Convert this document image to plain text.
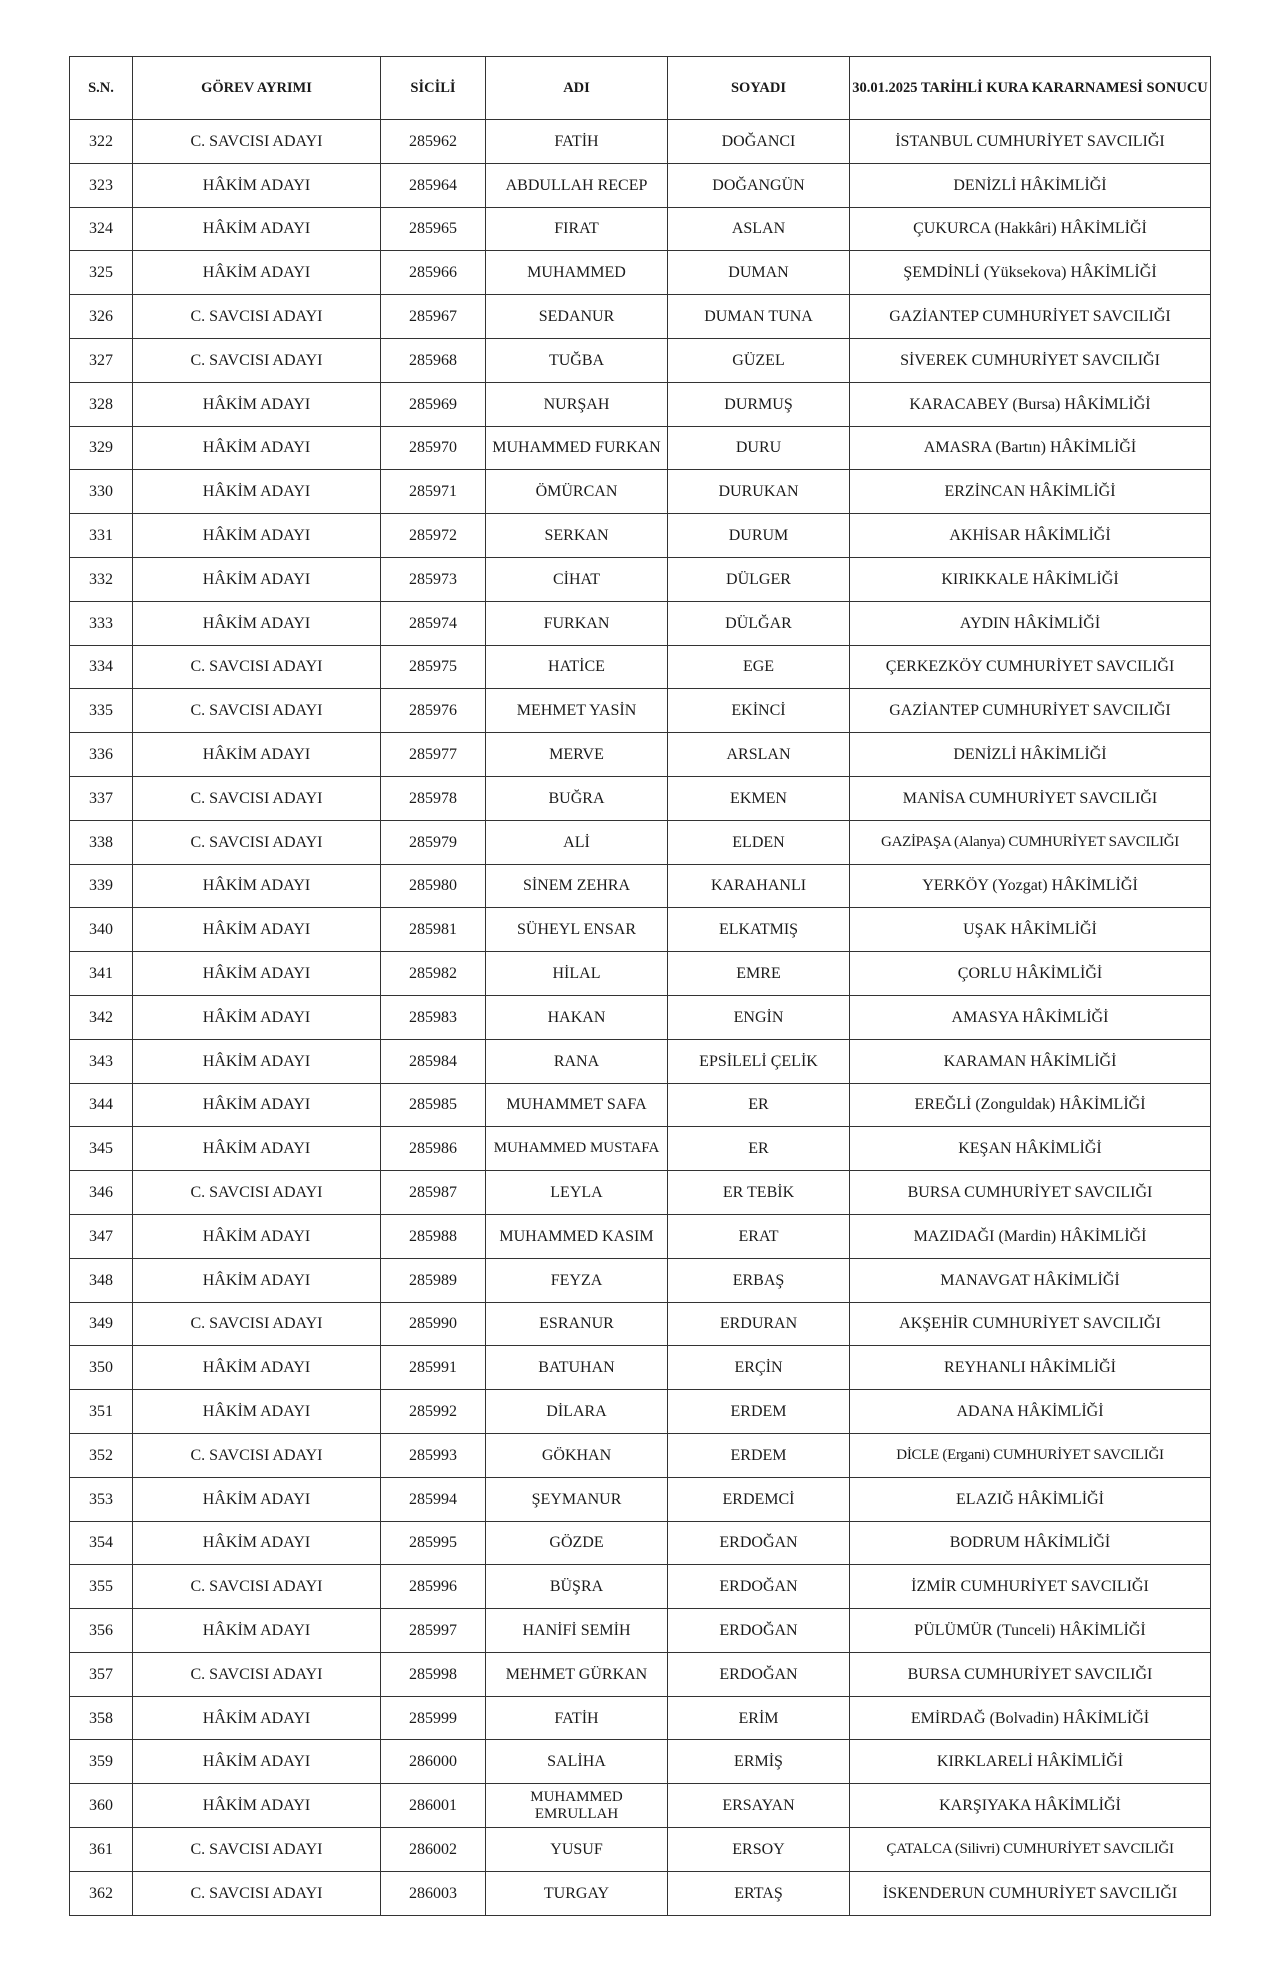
S.N.	GÖREV AYRIMI	SİCİLİ	ADI	SOYADI	30.01.2025 TARİHLİ KURA KARARNAMESİ SONUCU
322	C. SAVCISI ADAYI	285962	FATİH	DOĞANCI	İSTANBUL CUMHURİYET SAVCILIĞI
323	HÂKİM ADAYI	285964	ABDULLAH RECEP	DOĞANGÜN	DENİZLİ HÂKİMLİĞİ
324	HÂKİM ADAYI	285965	FIRAT	ASLAN	ÇUKURCA (Hakkâri) HÂKİMLİĞİ
325	HÂKİM ADAYI	285966	MUHAMMED	DUMAN	ŞEMDİNLİ (Yüksekova) HÂKİMLİĞİ
326	C. SAVCISI ADAYI	285967	SEDANUR	DUMAN TUNA	GAZİANTEP CUMHURİYET SAVCILIĞI
327	C. SAVCISI ADAYI	285968	TUĞBA	GÜZEL	SİVEREK CUMHURİYET SAVCILIĞI
328	HÂKİM ADAYI	285969	NURŞAH	DURMUŞ	KARACABEY (Bursa) HÂKİMLİĞİ
329	HÂKİM ADAYI	285970	MUHAMMED FURKAN	DURU	AMASRA (Bartın) HÂKİMLİĞİ
330	HÂKİM ADAYI	285971	ÖMÜRCAN	DURUKAN	ERZİNCAN HÂKİMLİĞİ
331	HÂKİM ADAYI	285972	SERKAN	DURUM	AKHİSAR HÂKİMLİĞİ
332	HÂKİM ADAYI	285973	CİHAT	DÜLGER	KIRIKKALE HÂKİMLİĞİ
333	HÂKİM ADAYI	285974	FURKAN	DÜLĞAR	AYDIN HÂKİMLİĞİ
334	C. SAVCISI ADAYI	285975	HATİCE	EGE	ÇERKEZKÖY CUMHURİYET SAVCILIĞI
335	C. SAVCISI ADAYI	285976	MEHMET YASİN	EKİNCİ	GAZİANTEP CUMHURİYET SAVCILIĞI
336	HÂKİM ADAYI	285977	MERVE	ARSLAN	DENİZLİ HÂKİMLİĞİ
337	C. SAVCISI ADAYI	285978	BUĞRA	EKMEN	MANİSA CUMHURİYET SAVCILIĞI
338	C. SAVCISI ADAYI	285979	ALİ	ELDEN	GAZİPAŞA (Alanya) CUMHURİYET SAVCILIĞI
339	HÂKİM ADAYI	285980	SİNEM ZEHRA	KARAHANLI	YERKÖY (Yozgat) HÂKİMLİĞİ
340	HÂKİM ADAYI	285981	SÜHEYL ENSAR	ELKATMIŞ	UŞAK HÂKİMLİĞİ
341	HÂKİM ADAYI	285982	HİLAL	EMRE	ÇORLU HÂKİMLİĞİ
342	HÂKİM ADAYI	285983	HAKAN	ENGİN	AMASYA HÂKİMLİĞİ
343	HÂKİM ADAYI	285984	RANA	EPSİLELİ ÇELİK	KARAMAN HÂKİMLİĞİ
344	HÂKİM ADAYI	285985	MUHAMMET SAFA	ER	EREĞLİ (Zonguldak) HÂKİMLİĞİ
345	HÂKİM ADAYI	285986	MUHAMMED MUSTAFA	ER	KEŞAN HÂKİMLİĞİ
346	C. SAVCISI ADAYI	285987	LEYLA	ER TEBİK	BURSA CUMHURİYET SAVCILIĞI
347	HÂKİM ADAYI	285988	MUHAMMED KASIM	ERAT	MAZIDAĞI (Mardin) HÂKİMLİĞİ
348	HÂKİM ADAYI	285989	FEYZA	ERBAŞ	MANAVGAT HÂKİMLİĞİ
349	C. SAVCISI ADAYI	285990	ESRANUR	ERDURAN	AKŞEHİR CUMHURİYET SAVCILIĞI
350	HÂKİM ADAYI	285991	BATUHAN	ERÇİN	REYHANLI HÂKİMLİĞİ
351	HÂKİM ADAYI	285992	DİLARA	ERDEM	ADANA HÂKİMLİĞİ
352	C. SAVCISI ADAYI	285993	GÖKHAN	ERDEM	DİCLE (Ergani) CUMHURİYET SAVCILIĞI
353	HÂKİM ADAYI	285994	ŞEYMANUR	ERDEMCİ	ELAZIĞ HÂKİMLİĞİ
354	HÂKİM ADAYI	285995	GÖZDE	ERDOĞAN	BODRUM HÂKİMLİĞİ
355	C. SAVCISI ADAYI	285996	BÜŞRA	ERDOĞAN	İZMİR CUMHURİYET SAVCILIĞI
356	HÂKİM ADAYI	285997	HANİFİ SEMİH	ERDOĞAN	PÜLÜMÜR (Tunceli) HÂKİMLİĞİ
357	C. SAVCISI ADAYI	285998	MEHMET GÜRKAN	ERDOĞAN	BURSA CUMHURİYET SAVCILIĞI
358	HÂKİM ADAYI	285999	FATİH	ERİM	EMİRDAĞ (Bolvadin) HÂKİMLİĞİ
359	HÂKİM ADAYI	286000	SALİHA	ERMİŞ	KIRKLARELİ HÂKİMLİĞİ
360	HÂKİM ADAYI	286001	MUHAMMED EMRULLAH	ERSAYAN	KARŞIYAKA HÂKİMLİĞİ
361	C. SAVCISI ADAYI	286002	YUSUF	ERSOY	ÇATALCA (Silivri) CUMHURİYET SAVCILIĞI
362	C. SAVCISI ADAYI	286003	TURGAY	ERTAŞ	İSKENDERUN CUMHURİYET SAVCILIĞI
